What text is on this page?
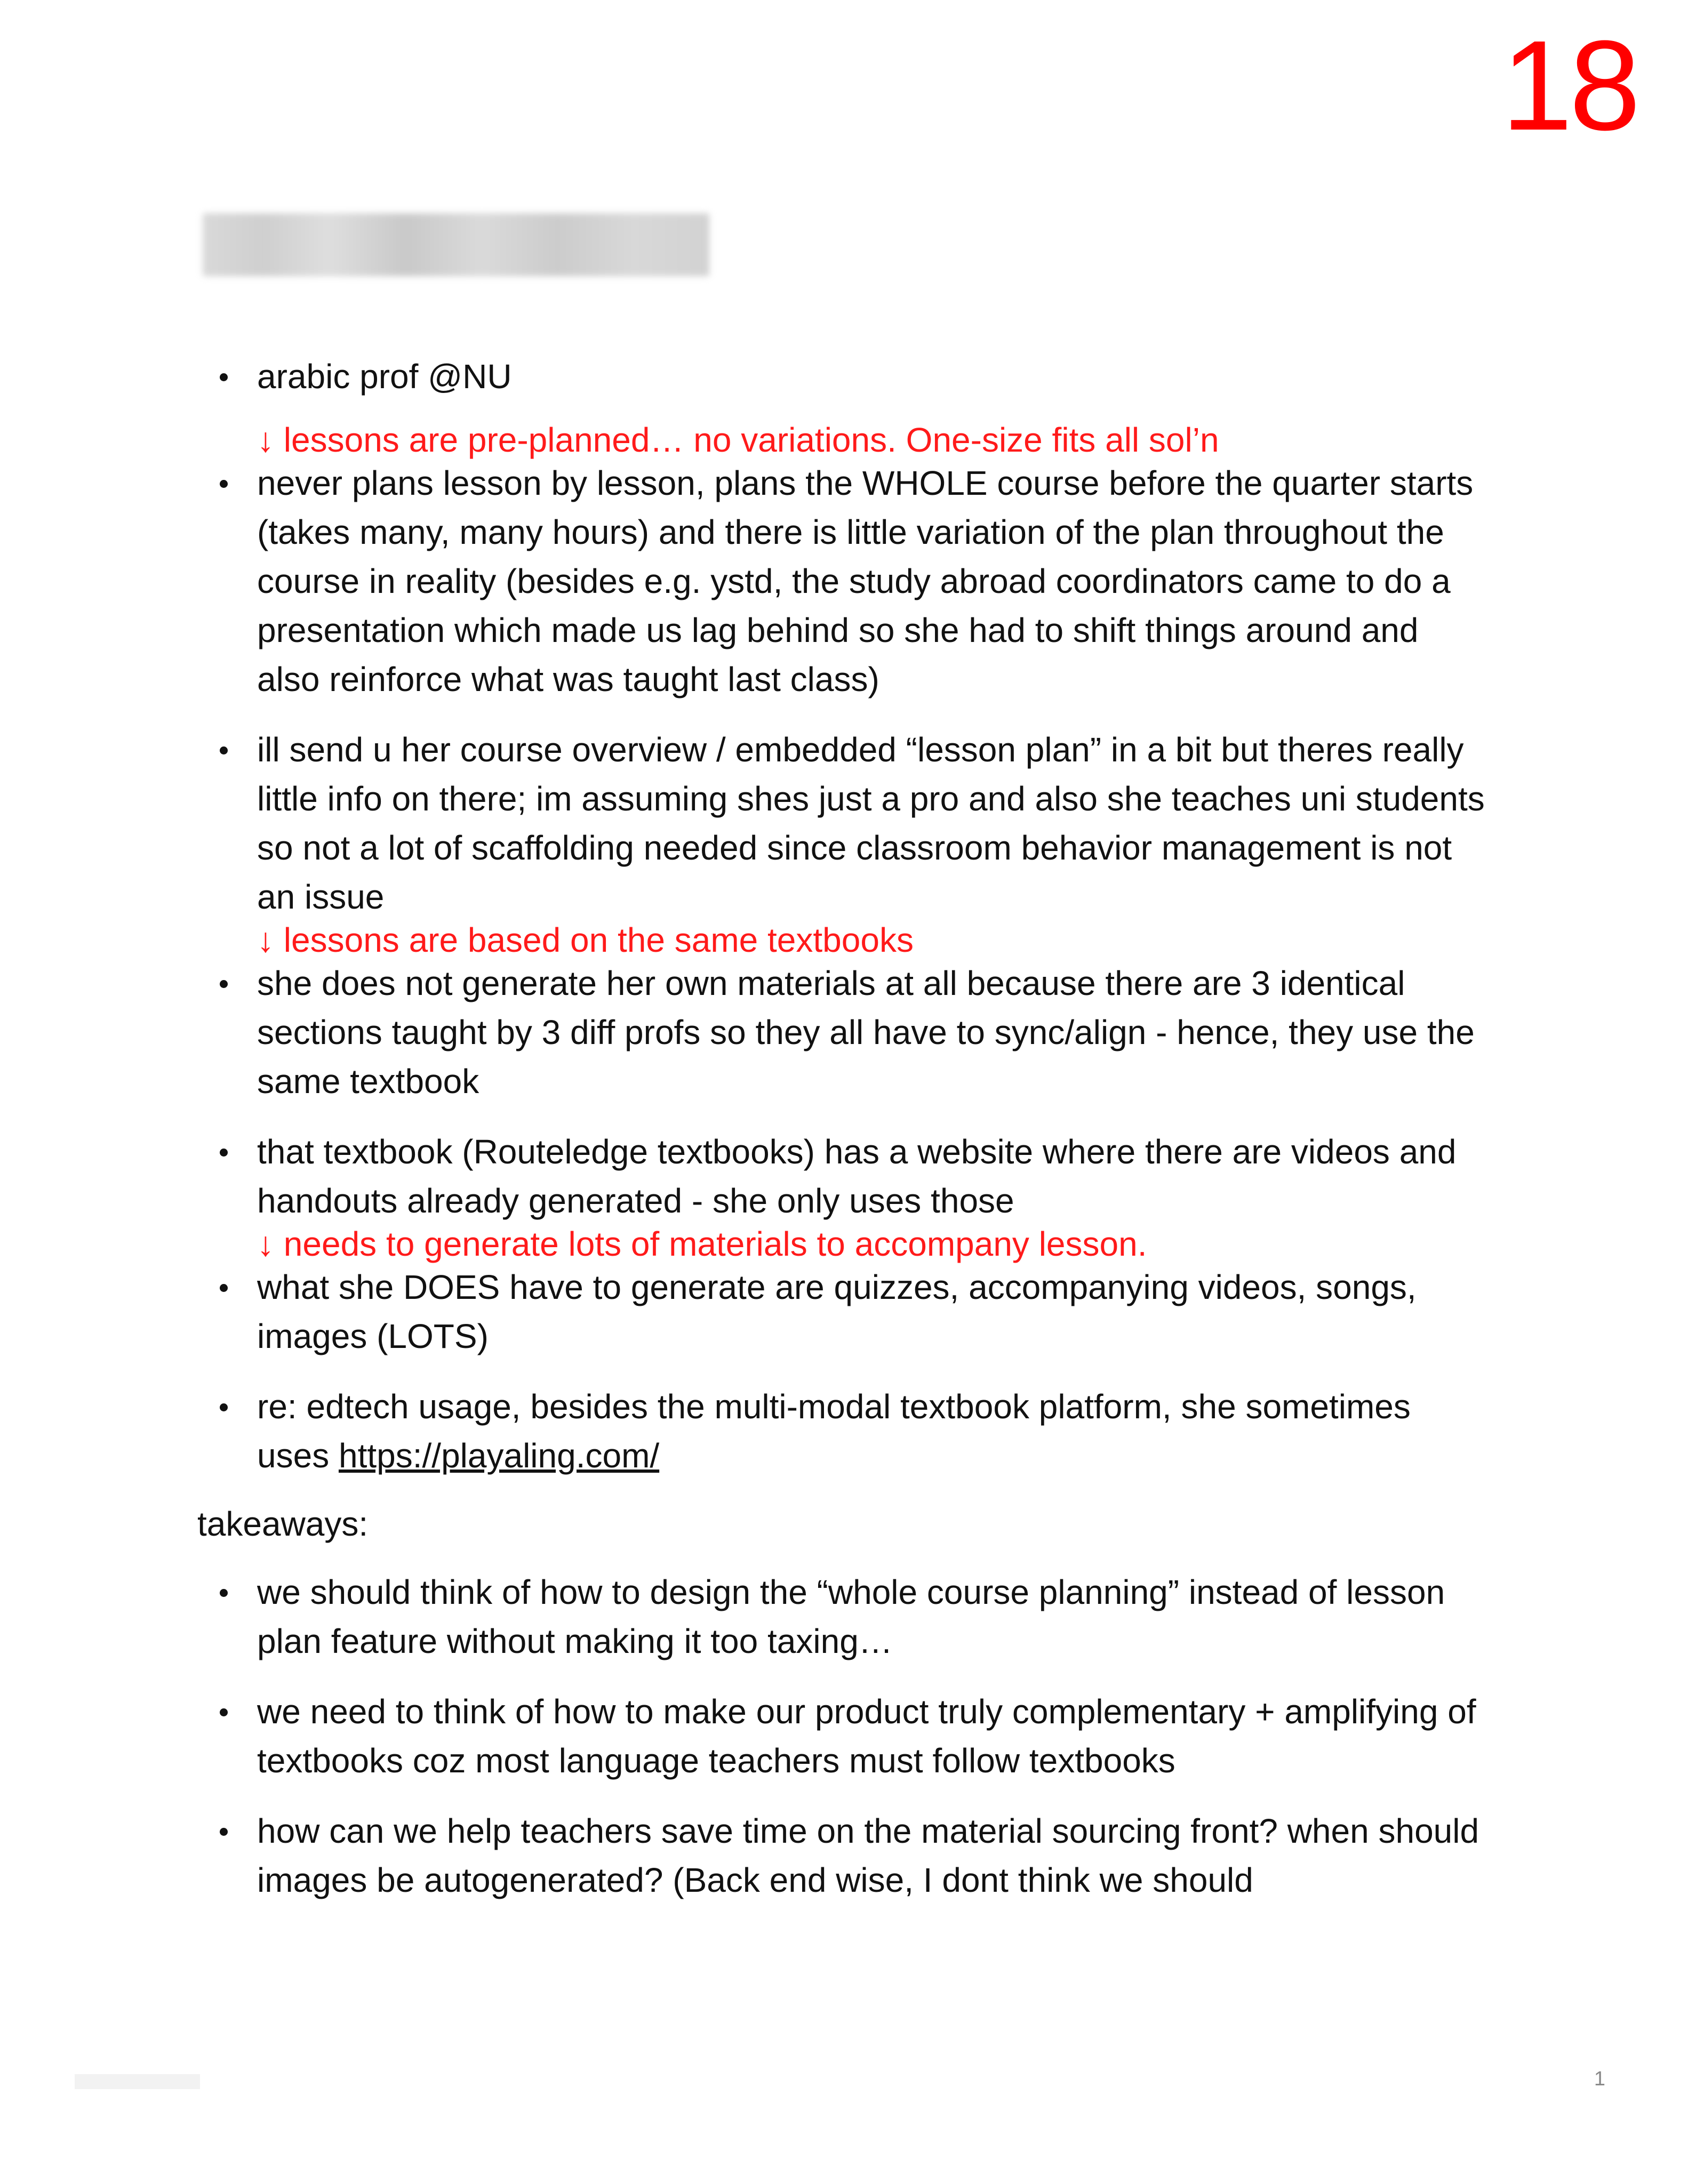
18
arabic prof @NU
↓ lessons are pre-planned… no variations. One-size fits all sol’n
never plans lesson by lesson, plans the WHOLE course before the quarter starts (takes many, many hours) and there is little variation of the plan throughout the course in reality (besides e.g. ystd, the study abroad coordinators came to do a presentation which made us lag behind so she had to shift things around and also reinforce what was taught last class)
ill send u her course overview / embedded “lesson plan” in a bit but theres really little info on there; im assuming shes just a pro and also she teaches uni students so not a lot of scaffolding needed since classroom behavior management is not an issue
↓ lessons are based on the same textbooks
she does not generate her own materials at all because there are 3 identical sections taught by 3 diff profs so they all have to sync/align - hence, they use the same textbook
that textbook (Routeledge textbooks) has a website where there are videos and handouts already generated - she only uses those
↓ needs to generate lots of materials to accompany lesson.
what she DOES have to generate are quizzes, accompanying videos, songs, images (LOTS)
re: edtech usage, besides the multi-modal textbook platform, she sometimes uses https://playaling.com/
takeaways:
we should think of how to design the “whole course planning” instead of lesson plan feature without making it too taxing…
we need to think of how to make our product truly complementary + amplifying of textbooks coz most language teachers must follow textbooks
how can we help teachers save time on the material sourcing front? when should images be autogenerated? (Back end wise, I dont think we should
1
